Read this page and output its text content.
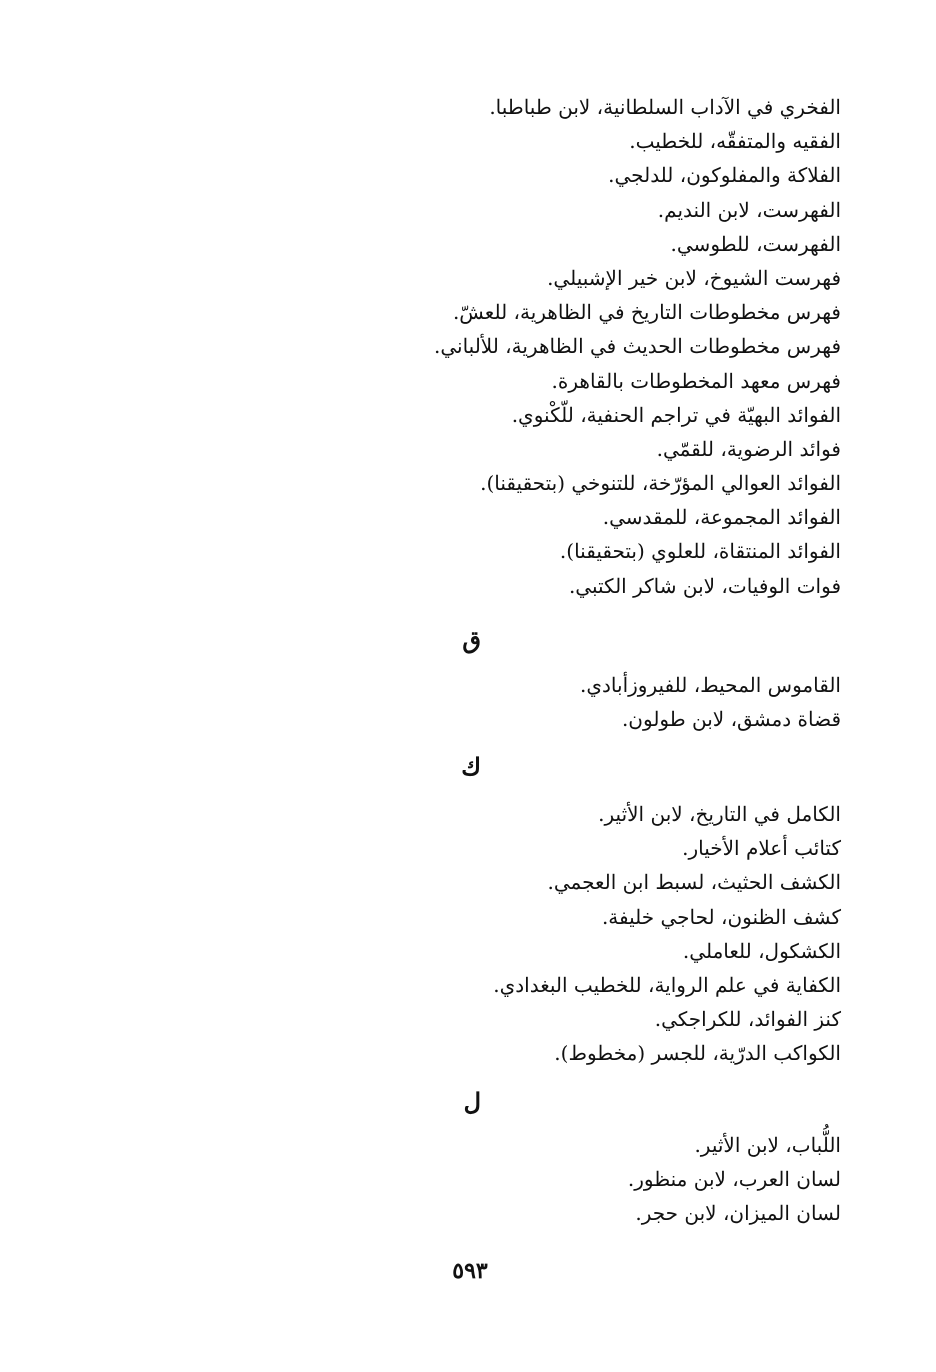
الفخري في الآداب السلطانية، لابن طباطبا.
الفقيه والمتفقّه، للخطيب.
الفلاكة والمفلوكون، للدلجي.
الفهرست، لابن النديم.
الفهرست، للطوسي.
فهرست الشيوخ، لابن خير الإشبيلي.
فهرس مخطوطات التاريخ في الظاهرية، للعشّ.
فهرس مخطوطات الحديث في الظاهرية، للألباني.
فهرس معهد المخطوطات بالقاهرة.
الفوائد البهيّة في تراجم الحنفية، للّكْنوي.
فوائد الرضوية، للقمّي.
الفوائد العوالي المؤرّخة، للتنوخي (بتحقيقنا).
الفوائد المجموعة، للمقدسي.
الفوائد المنتقاة، للعلوي (بتحقيقنا).
فوات الوفيات، لابن شاكر الكتبي.
ق
القاموس المحيط، للفيروزأبادي.
قضاة دمشق، لابن طولون.
ك
الكامل في التاريخ، لابن الأثير.
كتائب أعلام الأخيار.
الكشف الحثيث، لسبط ابن العجمي.
كشف الظنون، لحاجي خليفة.
الكشكول، للعاملي.
الكفاية في علم الرواية، للخطيب البغدادي.
كنز الفوائد، للكراجكي.
الكواكب الدرّية، للجسر (مخطوط).
ل
اللُّباب، لابن الأثير.
لسان العرب، لابن منظور.
لسان الميزان، لابن حجر.
٥٩٣
